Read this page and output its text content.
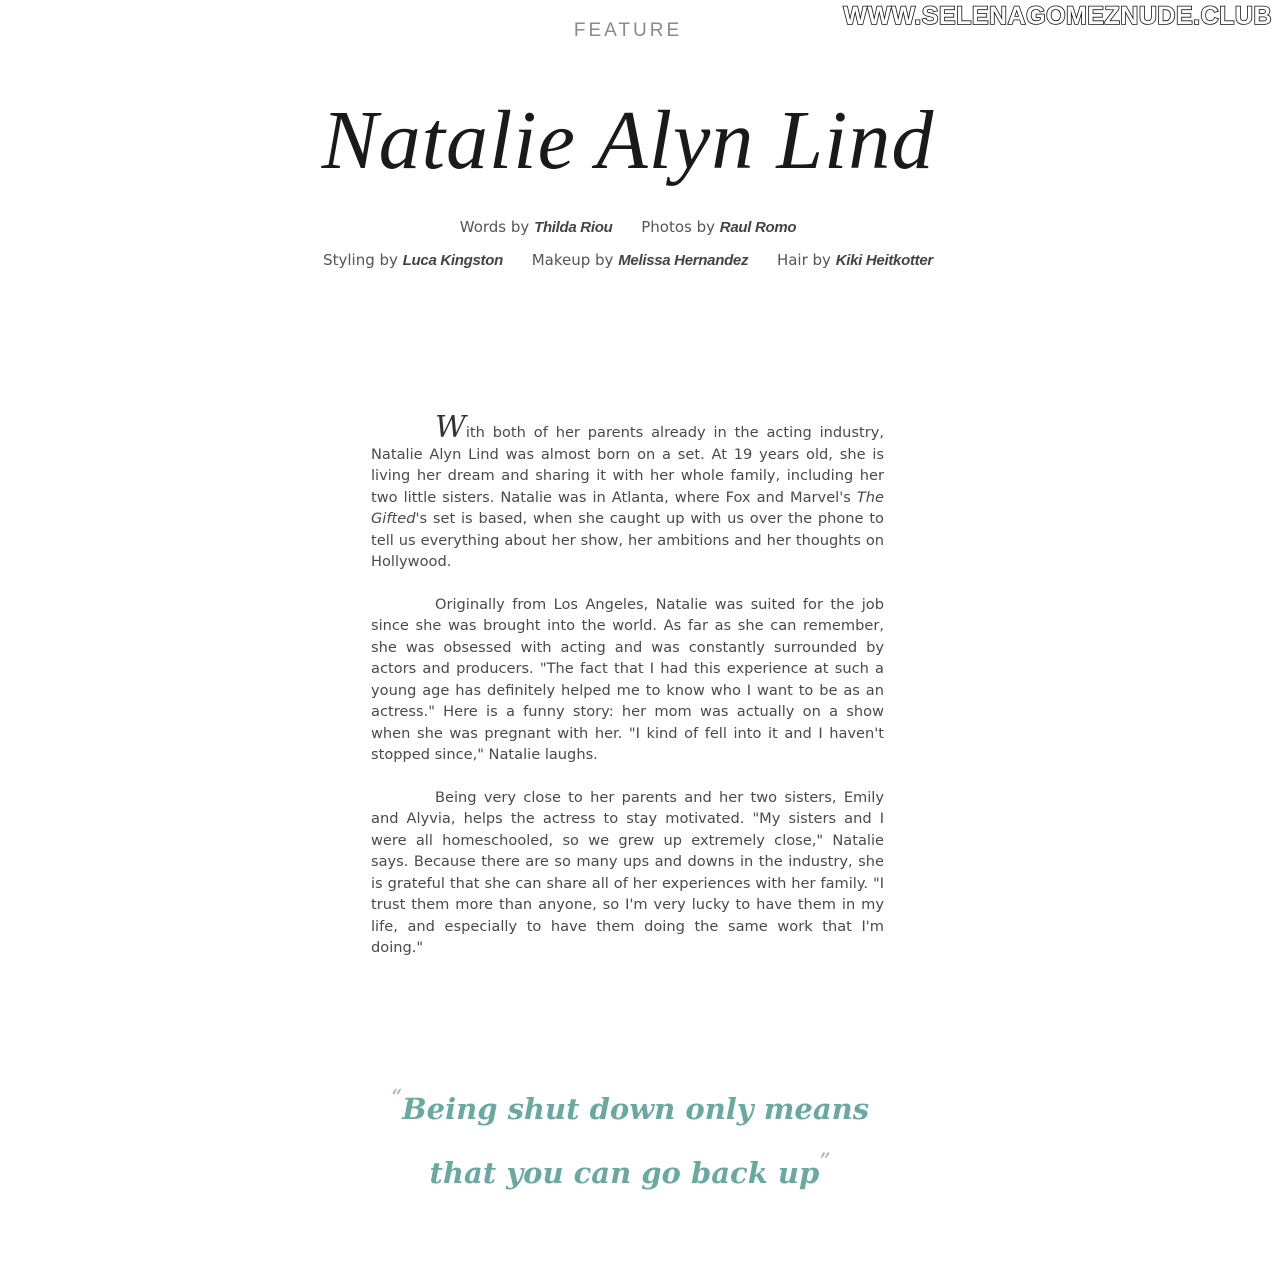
WWW.SELENAGOMEZNUDE.CLUB
FEATURE
Natalie Alyn Lind
Words by Thilda Riou Photos by Raul Romo
Styling by Luca Kingston Makeup by Melissa Hernandez Hair by Kiki Heitkotter

With both of her parents already in the acting industry, Natalie Alyn Lind was almost born on a set. At 19 years old, she is living her dream and sharing it with her whole family, including her two little sisters. Natalie was in Atlanta, where Fox and Marvel's The Gifted's set is based, when she caught up with us over the phone to tell us everything about her show, her ambitions and her thoughts on Hollywood.

Originally from Los Angeles, Natalie was suited for the job since she was brought into the world. As far as she can remember, she was obsessed with acting and was constantly surrounded by actors and producers. "The fact that I had this experience at such a young age has definitely helped me to know who I want to be as an actress." Here is a funny story: her mom was actually on a show when she was pregnant with her. "I kind of fell into it and I haven't stopped since," Natalie laughs.

Being very close to her parents and her two sisters, Emily and Alyvia, helps the actress to stay motivated. "My sisters and I were all homeschooled, so we grew up extremely close," Natalie says. Because there are so many ups and downs in the industry, she is grateful that she can share all of her experiences with her family. "I trust them more than anyone, so I'm very lucky to have them in my life, and especially to have them doing the same work that I'm doing."

“Being shut down only means
that you can go back up”
